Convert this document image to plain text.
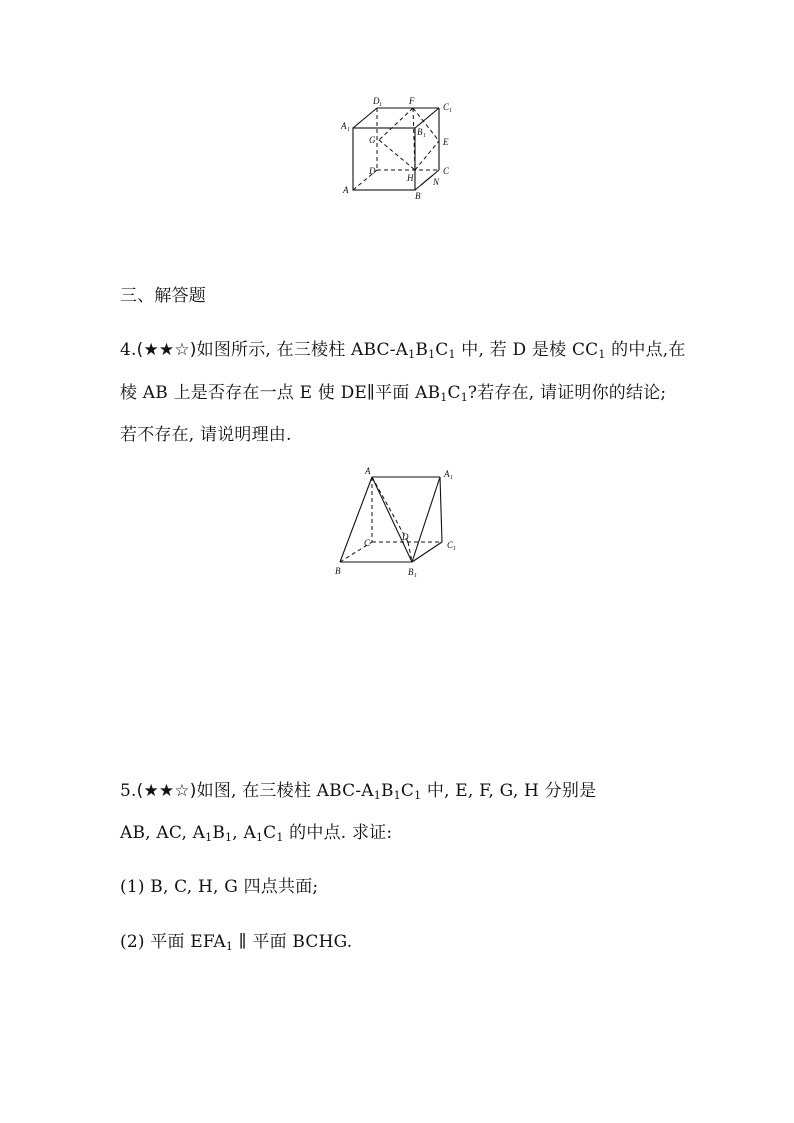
A 1
D 1	F
C 1
B 1
G	E
D	C
H N
A
B
三、解答题
4.(★★☆)如图所示, 在三棱柱 ABC-$A_1B_1C_1$ 中, 若 D 是棱 $CC_1$ 的中点,在
棱 AB 上是否存在一点 E 使 DE∥平面 $AB_1C_1$?若存在, 请证明你的结论;
若不存在, 请说明理由.
A	A 1
C
D
C 1
B	B 1
5.(★★☆)如图, 在三棱柱 ABC-$A_1B_1C_1$ 中, E, F, G, H 分别是
AB, AC, $A_1B_1$, $A_1C_1$ 的中点. 求证:
(1) B, C, H, G 四点共面;
(2) 平面 $EFA_1$ ∥ 平面 BCHG.
